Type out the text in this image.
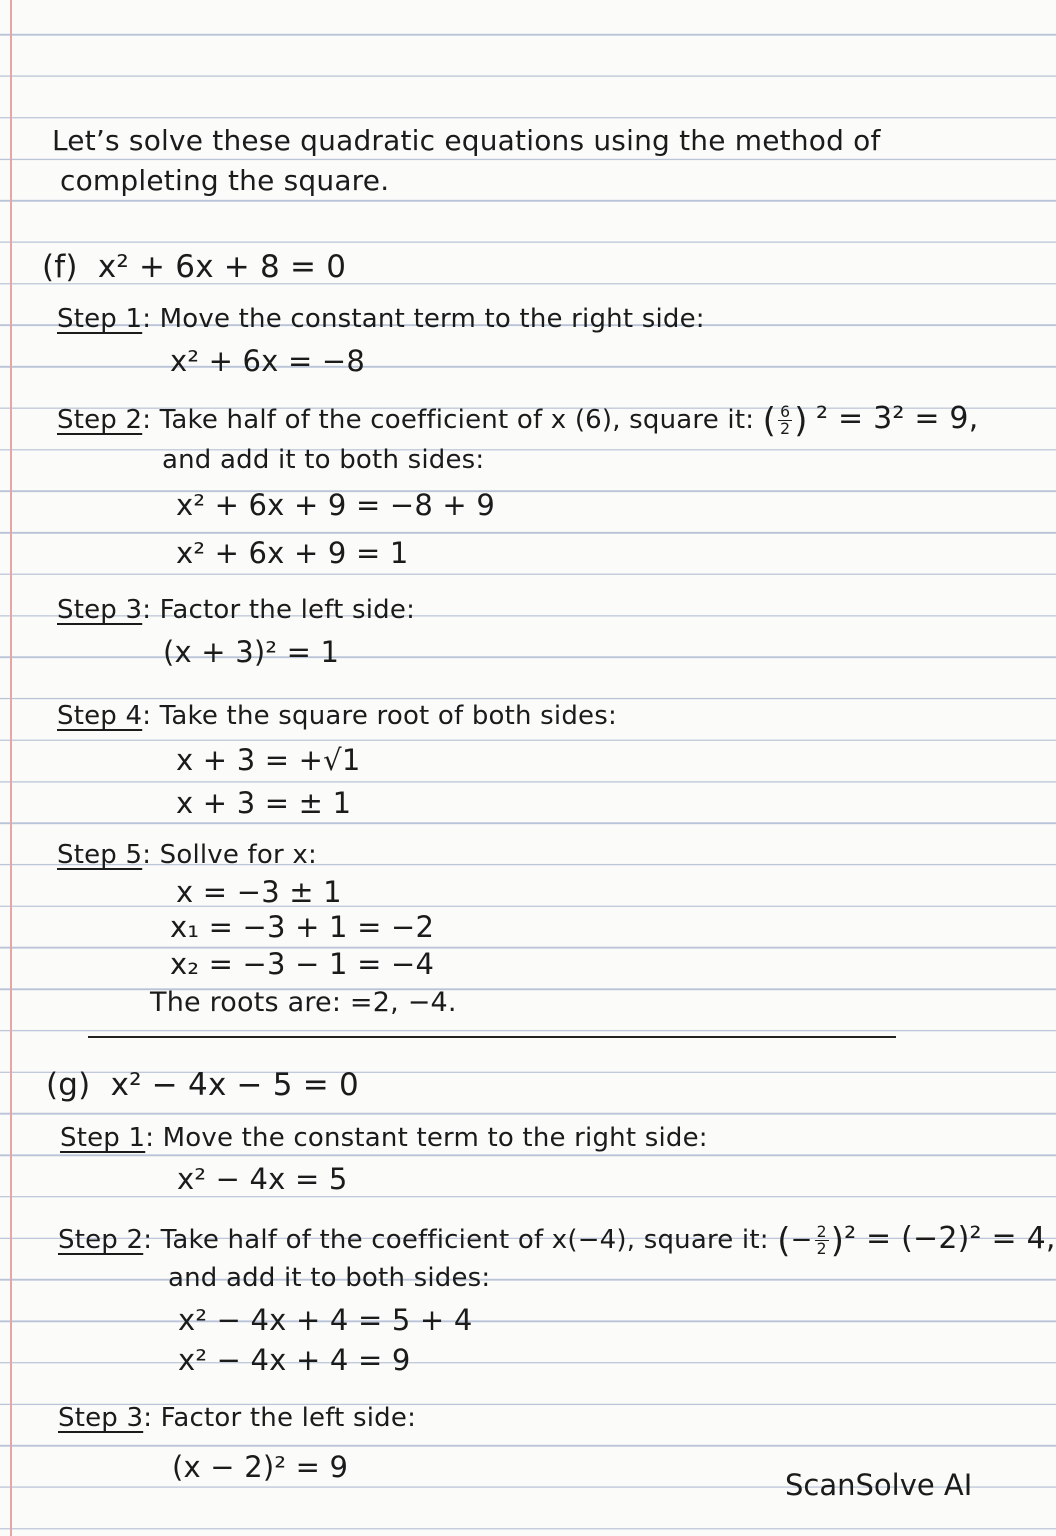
Let’s solve these quadratic equations using the method of
completing the square.
(f) x² + 6x + 8 = 0
Step 1: Move the constant term to the right side:
x² + 6x = −8
Step 2: Take half of the coefficient of x (6), square it: ( $\frac{6}{2}$ ) ² = 3² = 9,
and add it to both sides:
x² + 6x + 9 = −8 + 9
x² + 6x + 9 = 1
Step 3: Factor the left side:
(x + 3)² = 1
Step 4: Take the square root of both sides:
x + 3 = +√1
x + 3 = ± 1
Step 5: Sollve for x:
x = −3 ± 1
x₁ = −3 + 1 = −2
x₂ = −3 − 1 = −4
The roots are: =2, −4.
(g) x² − 4x − 5 = 0
Step 1: Move the constant term to the right side:
x² − 4x = 5
Step 2: Take half of the coefficient of x(−4), square it: (− $\frac{2}{2} )^2 = (-2)^2 = 4$,
and add it to both sides:
x² − 4x + 4 = 5 + 4
x² − 4x + 4 = 9
Step 3: Factor the left side:
(x − 2)² = 9
ScanSolve AI
